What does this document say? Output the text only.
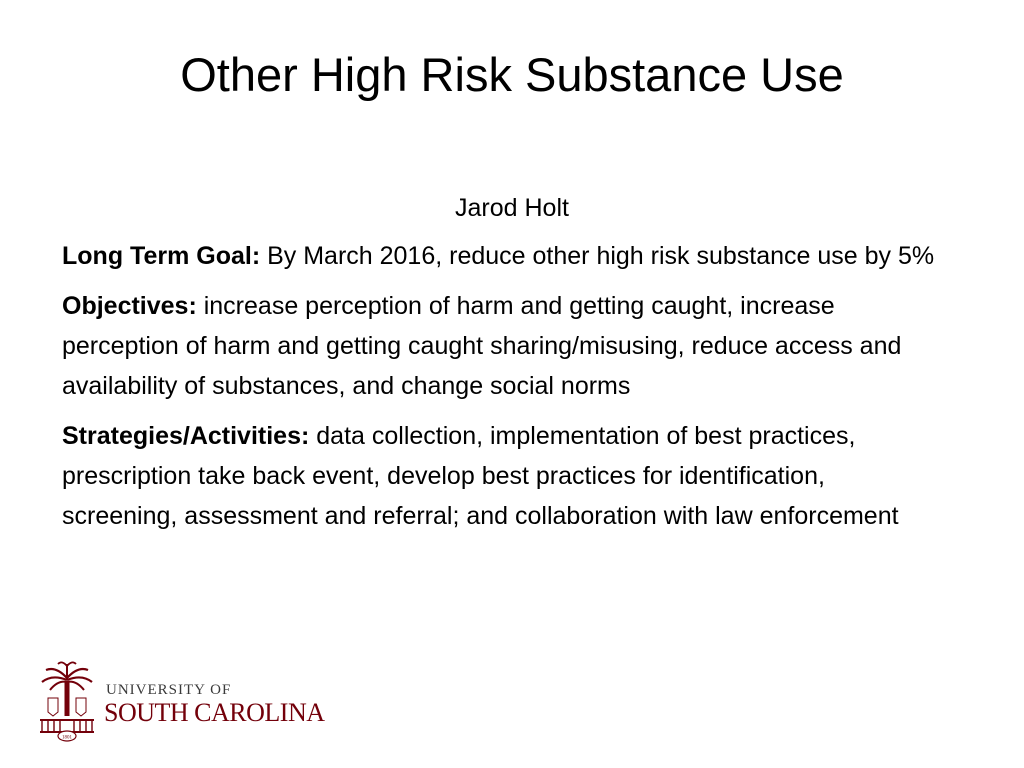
Other High Risk Substance Use
Jarod Holt

Long Term Goal: By March 2016, reduce other high risk substance use by 5%

Objectives: increase perception of harm and getting caught, increase perception of harm and getting caught sharing/misusing, reduce access and availability of substances, and change social norms

Strategies/Activities: data collection, implementation of best practices, prescription take back event, develop best practices for identification, screening, assessment and referral; and collaboration with law enforcement

1801
UNIVERSITY OF
SOUTH CAROLINA
